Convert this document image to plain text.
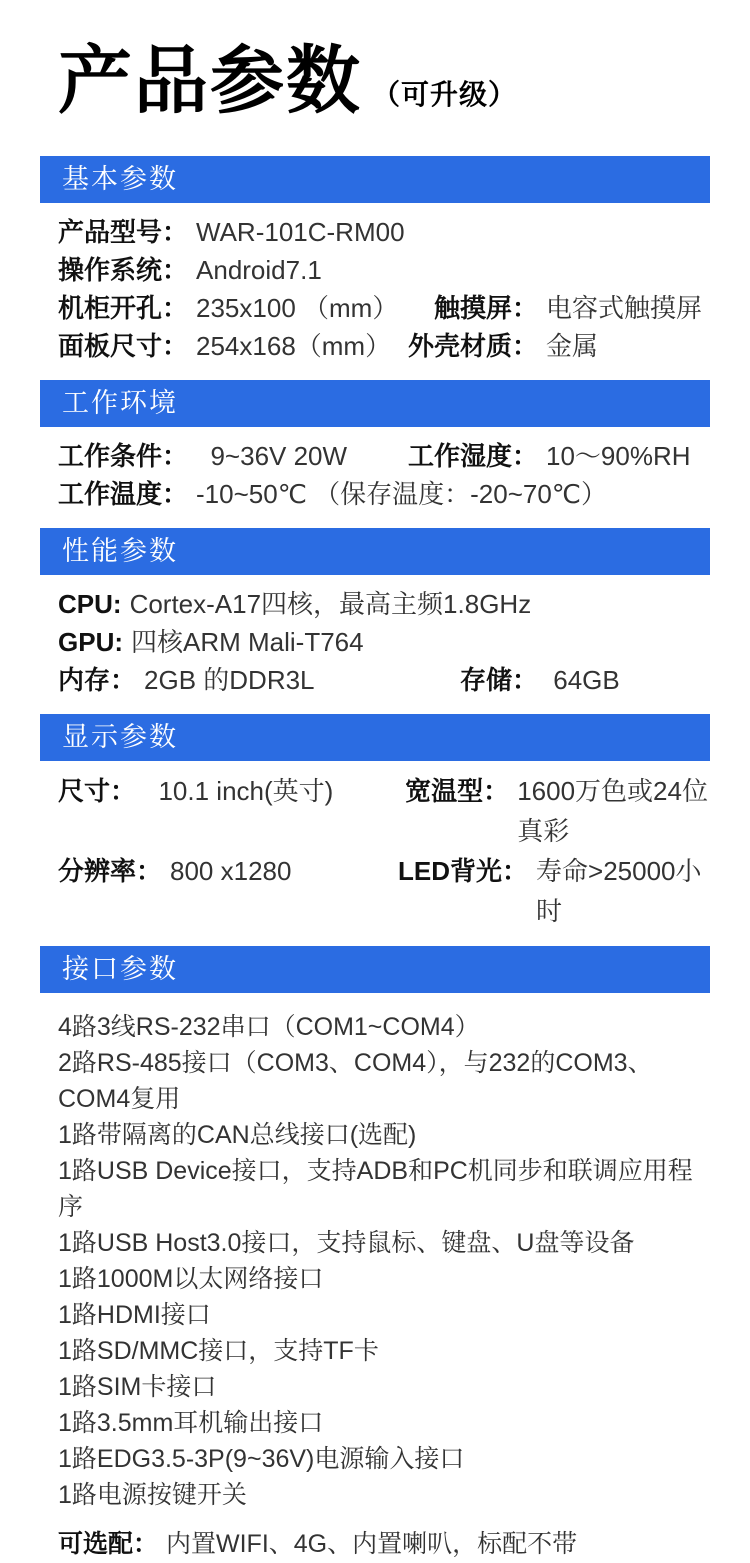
产品参数 （可升级）
基本参数
产品型号： WAR-101C-RM00
操作系统： Android7.1
机柜开孔： 235x100 （mm）	触摸屏： 电容式触摸屏
面板尺寸： 254x168（mm） 外壳材质： 金属
工作环境
工作条件： 9~36V 20W	工作湿度： 10～90%RH
工作温度： -10~50℃ （保存温度：-20~70℃）
性能参数
CPU: Cortex-A17四核，最高主频1.8GHz
GPU: 四核ARM Mali-T764
内存： 2GB 的DDR3L	存储： 64GB
显示参数
尺寸： 10.1 inch(英寸)	宽温型： 1600万色或24位真彩
分辨率： 800 x1280	LED背光： 寿命>25000小时
接口参数
4路3线RS-232串口（COM1~COM4）
2路RS-485接口（COM3、COM4），与232的COM3、COM4复用
1路带隔离的CAN总线接口(选配)
1路USB Device接口，支持ADB和PC机同步和联调应用程序
1路USB Host3.0接口，支持鼠标、键盘、U盘等设备
1路1000M以太网络接口
1路HDMI接口
1路SD/MMC接口，支持TF卡
1路SIM卡接口
1路3.5mm耳机输出接口
1路EDG3.5-3P(9~36V)电源输入接口
1路电源按键开关
可选配： 内置WIFI、4G、内置喇叭，标配不带
